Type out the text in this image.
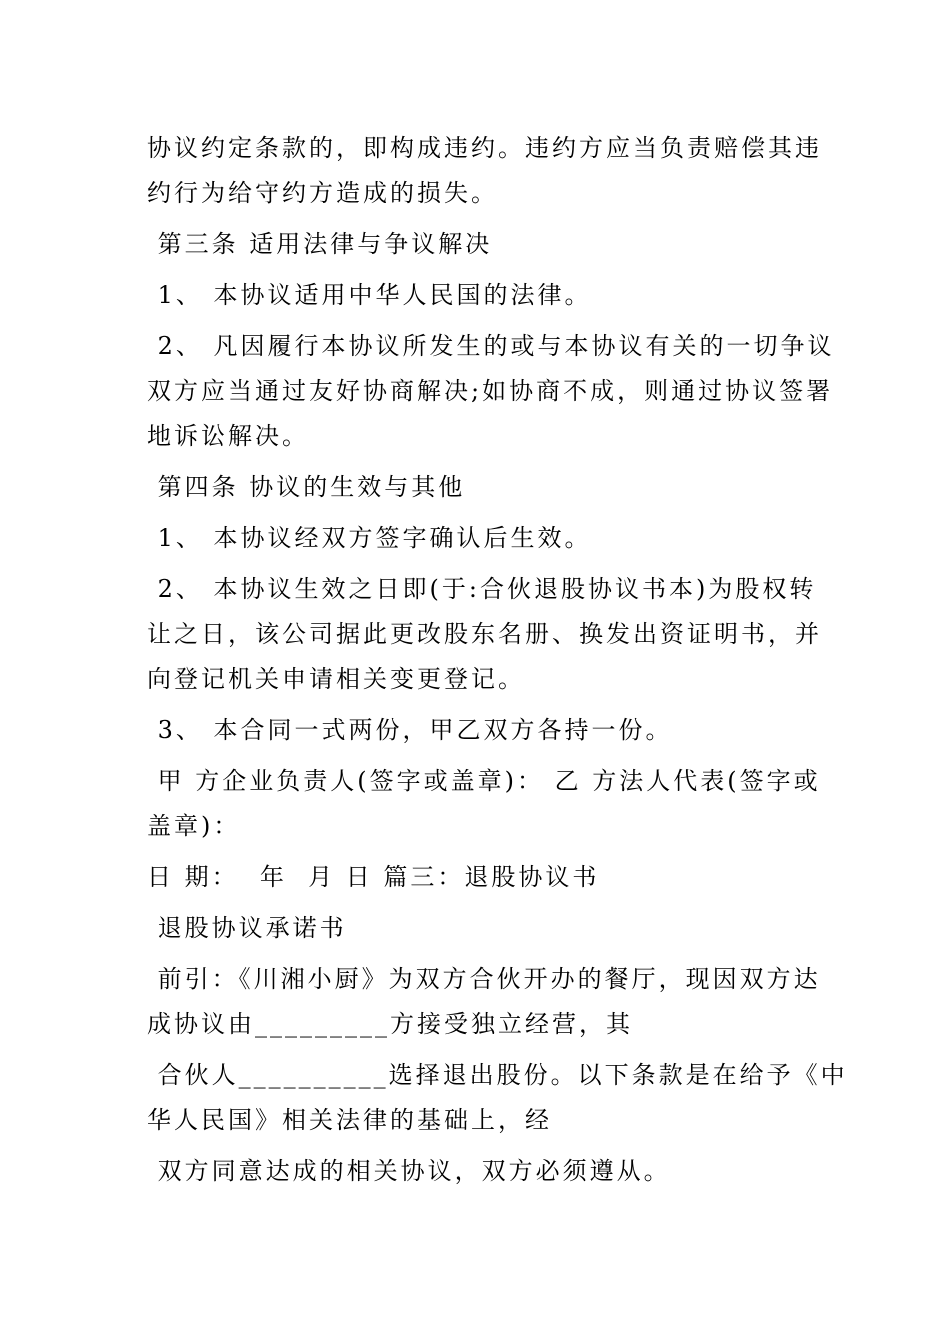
协议约定条款的，即构成违约。违约方应当负责赔偿其违
约行为给守约方造成的损失。
第三条 适用法律与争议解决
1、 本协议适用中华人民国的法律。
2、 凡因履行本协议所发生的或与本协议有关的一切争议
双方应当通过友好协商解决;如协商不成，则通过协议签署
地诉讼解决。
第四条 协议的生效与其他
1、 本协议经双方签字确认后生效。
2、 本协议生效之日即(于:合伙退股协议书本)为股权转
让之日，该公司据此更改股东名册、换发出资证明书，并
向登记机关申请相关变更登记。
3、 本合同一式两份，甲乙双方各持一份。
甲 方企业负责人(签字或盖章)： 乙 方法人代表(签字或
盖章)：
日 期：  年  月 日 篇三：退股协议书
退股协议承诺书
前引：《川湘小厨》为双方合伙开办的餐厅，现因双方达
成协议由_________方接受独立经营，其
合伙人__________选择退出股份。以下条款是在给予《中
华人民国》相关法律的基础上，经
双方同意达成的相关协议，双方必须遵从。
